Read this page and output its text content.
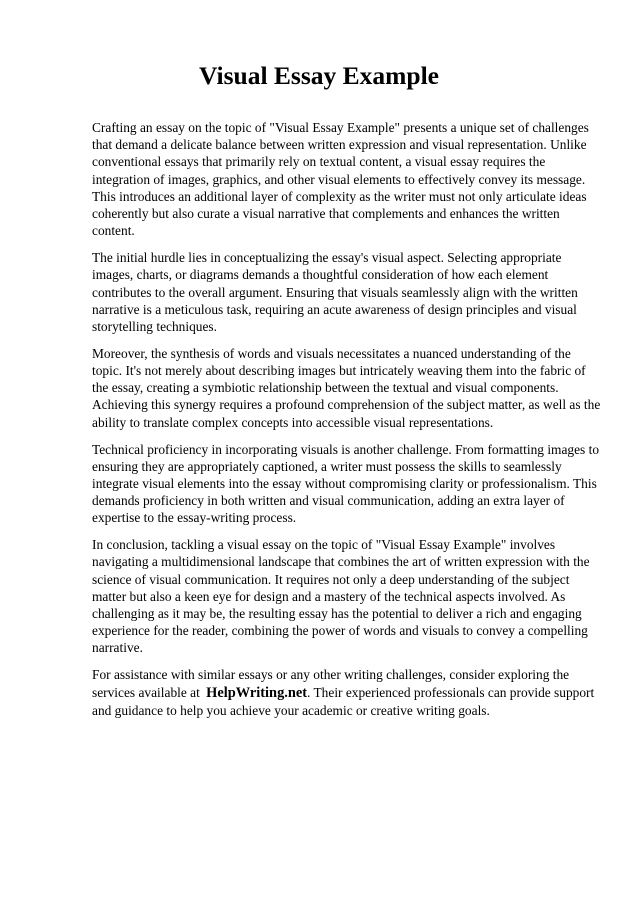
Visual Essay Example

Crafting an essay on the topic of "Visual Essay Example" presents a unique set of challenges that demand a delicate balance between written expression and visual representation. Unlike conventional essays that primarily rely on textual content, a visual essay requires the integration of images, graphics, and other visual elements to effectively convey its message. This introduces an additional layer of complexity as the writer must not only articulate ideas coherently but also curate a visual narrative that complements and enhances the written content.

The initial hurdle lies in conceptualizing the essay's visual aspect. Selecting appropriate images, charts, or diagrams demands a thoughtful consideration of how each element contributes to the overall argument. Ensuring that visuals seamlessly align with the written narrative is a meticulous task, requiring an acute awareness of design principles and visual storytelling techniques.

Moreover, the synthesis of words and visuals necessitates a nuanced understanding of the topic. It's not merely about describing images but intricately weaving them into the fabric of the essay, creating a symbiotic relationship between the textual and visual components. Achieving this synergy requires a profound comprehension of the subject matter, as well as the ability to translate complex concepts into accessible visual representations.

Technical proficiency in incorporating visuals is another challenge. From formatting images to ensuring they are appropriately captioned, a writer must possess the skills to seamlessly integrate visual elements into the essay without compromising clarity or professionalism. This demands proficiency in both written and visual communication, adding an extra layer of expertise to the essay-writing process.

In conclusion, tackling a visual essay on the topic of "Visual Essay Example" involves navigating a multidimensional landscape that combines the art of written expression with the science of visual communication. It requires not only a deep understanding of the subject matter but also a keen eye for design and a mastery of the technical aspects involved. As challenging as it may be, the resulting essay has the potential to deliver a rich and engaging experience for the reader, combining the power of words and visuals to convey a compelling narrative.

For assistance with similar essays or any other writing challenges, consider exploring the services available at HelpWriting.net. Their experienced professionals can provide support and guidance to help you achieve your academic or creative writing goals.
